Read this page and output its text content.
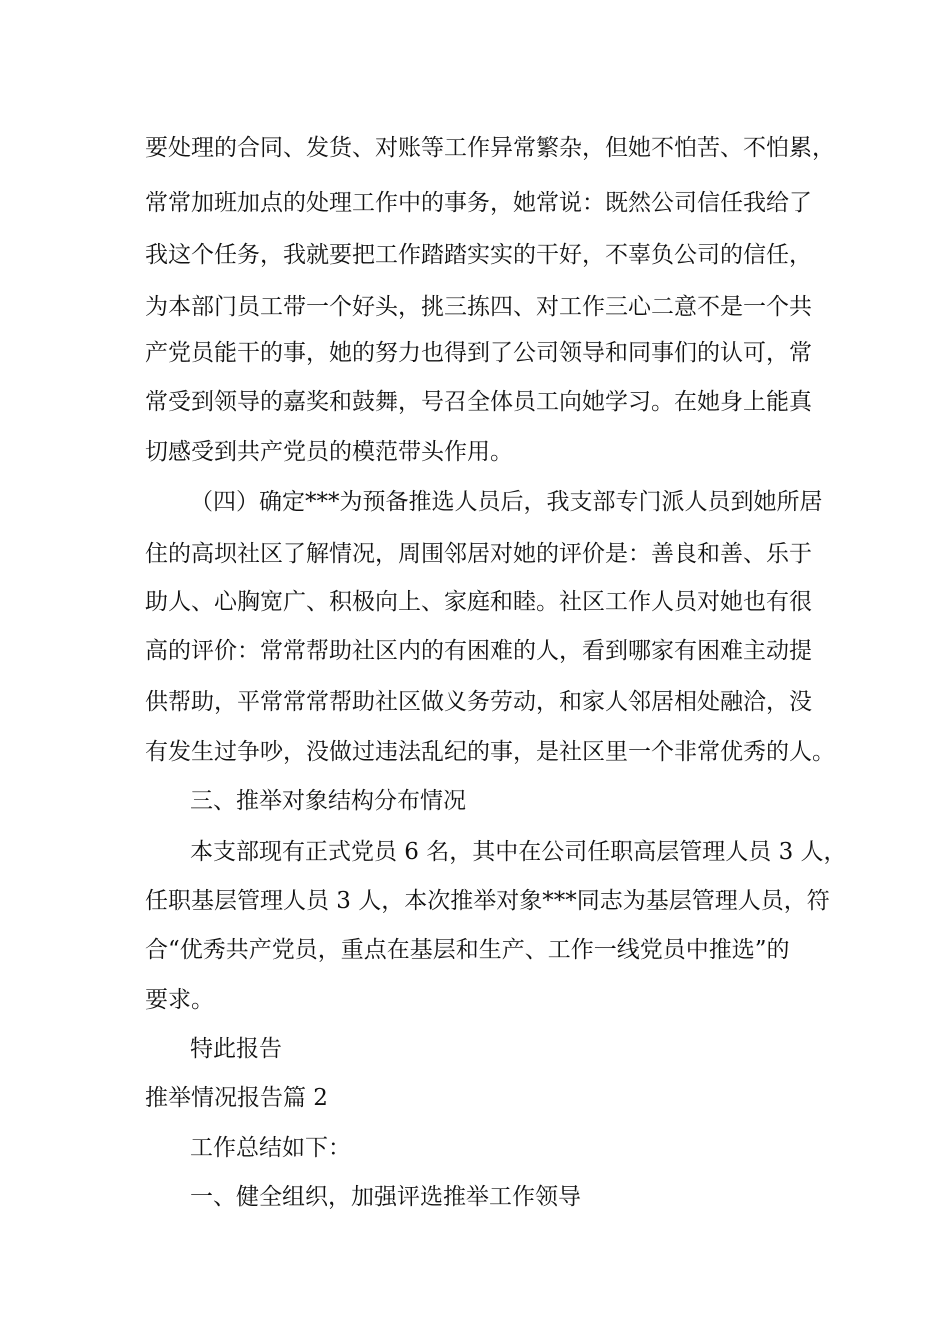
要处理的合同、发货、对账等工作异常繁杂，但她不怕苦、不怕累，
常常加班加点的处理工作中的事务，她常说：既然公司信任我给了
我这个任务，我就要把工作踏踏实实的干好，不辜负公司的信任，
为本部门员工带一个好头，挑三拣四、对工作三心二意不是一个共
产党员能干的事，她的努力也得到了公司领导和同事们的认可，常
常受到领导的嘉奖和鼓舞，号召全体员工向她学习。在她身上能真
切感受到共产党员的模范带头作用。
（四）确定***为预备推选人员后，我支部专门派人员到她所居
住的高坝社区了解情况，周围邻居对她的评价是：善良和善、乐于
助人、心胸宽广、积极向上、家庭和睦。社区工作人员对她也有很
高的评价：常常帮助社区内的有困难的人，看到哪家有困难主动提
供帮助，平常常常帮助社区做义务劳动，和家人邻居相处融洽，没
有发生过争吵，没做过违法乱纪的事，是社区里一个非常优秀的人。
三、推举对象结构分布情况
本支部现有正式党员 6 名，其中在公司任职高层管理人员 3 人，
任职基层管理人员 3 人，本次推举对象***同志为基层管理人员，符
合“优秀共产党员，重点在基层和生产、工作一线党员中推选”的
要求。
特此报告
推举情况报告篇 2
工作总结如下：
一、健全组织，加强评选推举工作领导
